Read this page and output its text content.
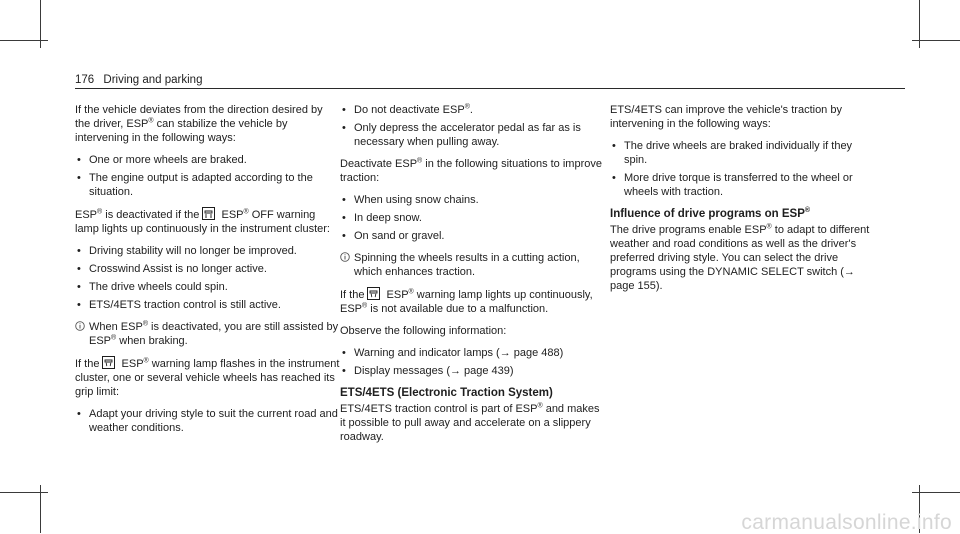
176 Driving and parking

If the vehicle deviates from the direction desired by the driver, ESP® can stabilize the vehicle by intervening in the following ways:

• One or more wheels are braked.
• The engine output is adapted according to the situation.

ESP® is deactivated if the
ESP® OFF warning lamp lights up continuously in the instrument cluster:

• Driving stability will no longer be improved.
• Crosswind Assist is no longer active.
• The drive wheels could spin.
• ETS/4ETS traction control is still active.
When ESP® is deactivated, you are still assisted by ESP® when braking.

If the
ESP® warning lamp flashes in the instrument cluster, one or several vehicle wheels has reached its grip limit:

• Adapt your driving style to suit the current road and weather conditions.
• Do not deactivate ESP®.
• Only depress the accelerator pedal as far as is necessary when pulling away.

Deactivate ESP® in the following situations to improve traction:

• When using snow chains.
• In deep snow.
• On sand or gravel.
Spinning the wheels results in a cutting action, which enhances traction.

If the
ESP® warning lamp lights up continuously, ESP® is not available due to a malfunction.

Observe the following information:

• Warning and indicator lamps (→ page 488)
• Display messages (→ page 439)
ETS/4ETS (Electronic Traction System)

ETS/4ETS traction control is part of ESP® and makes it possible to pull away and accelerate on a slippery roadway.

ETS/4ETS can improve the vehicle's traction by intervening in the following ways:

• The drive wheels are braked individually if they spin.
• More drive torque is transferred to the wheel or wheels with traction.
Influence of drive programs on ESP®

The drive programs enable ESP® to adapt to different weather and road conditions as well as the driver's preferred driving style. You can select the drive programs using the DYNAMIC SELECT switch (→ page 155).

carmanualsonline.info
